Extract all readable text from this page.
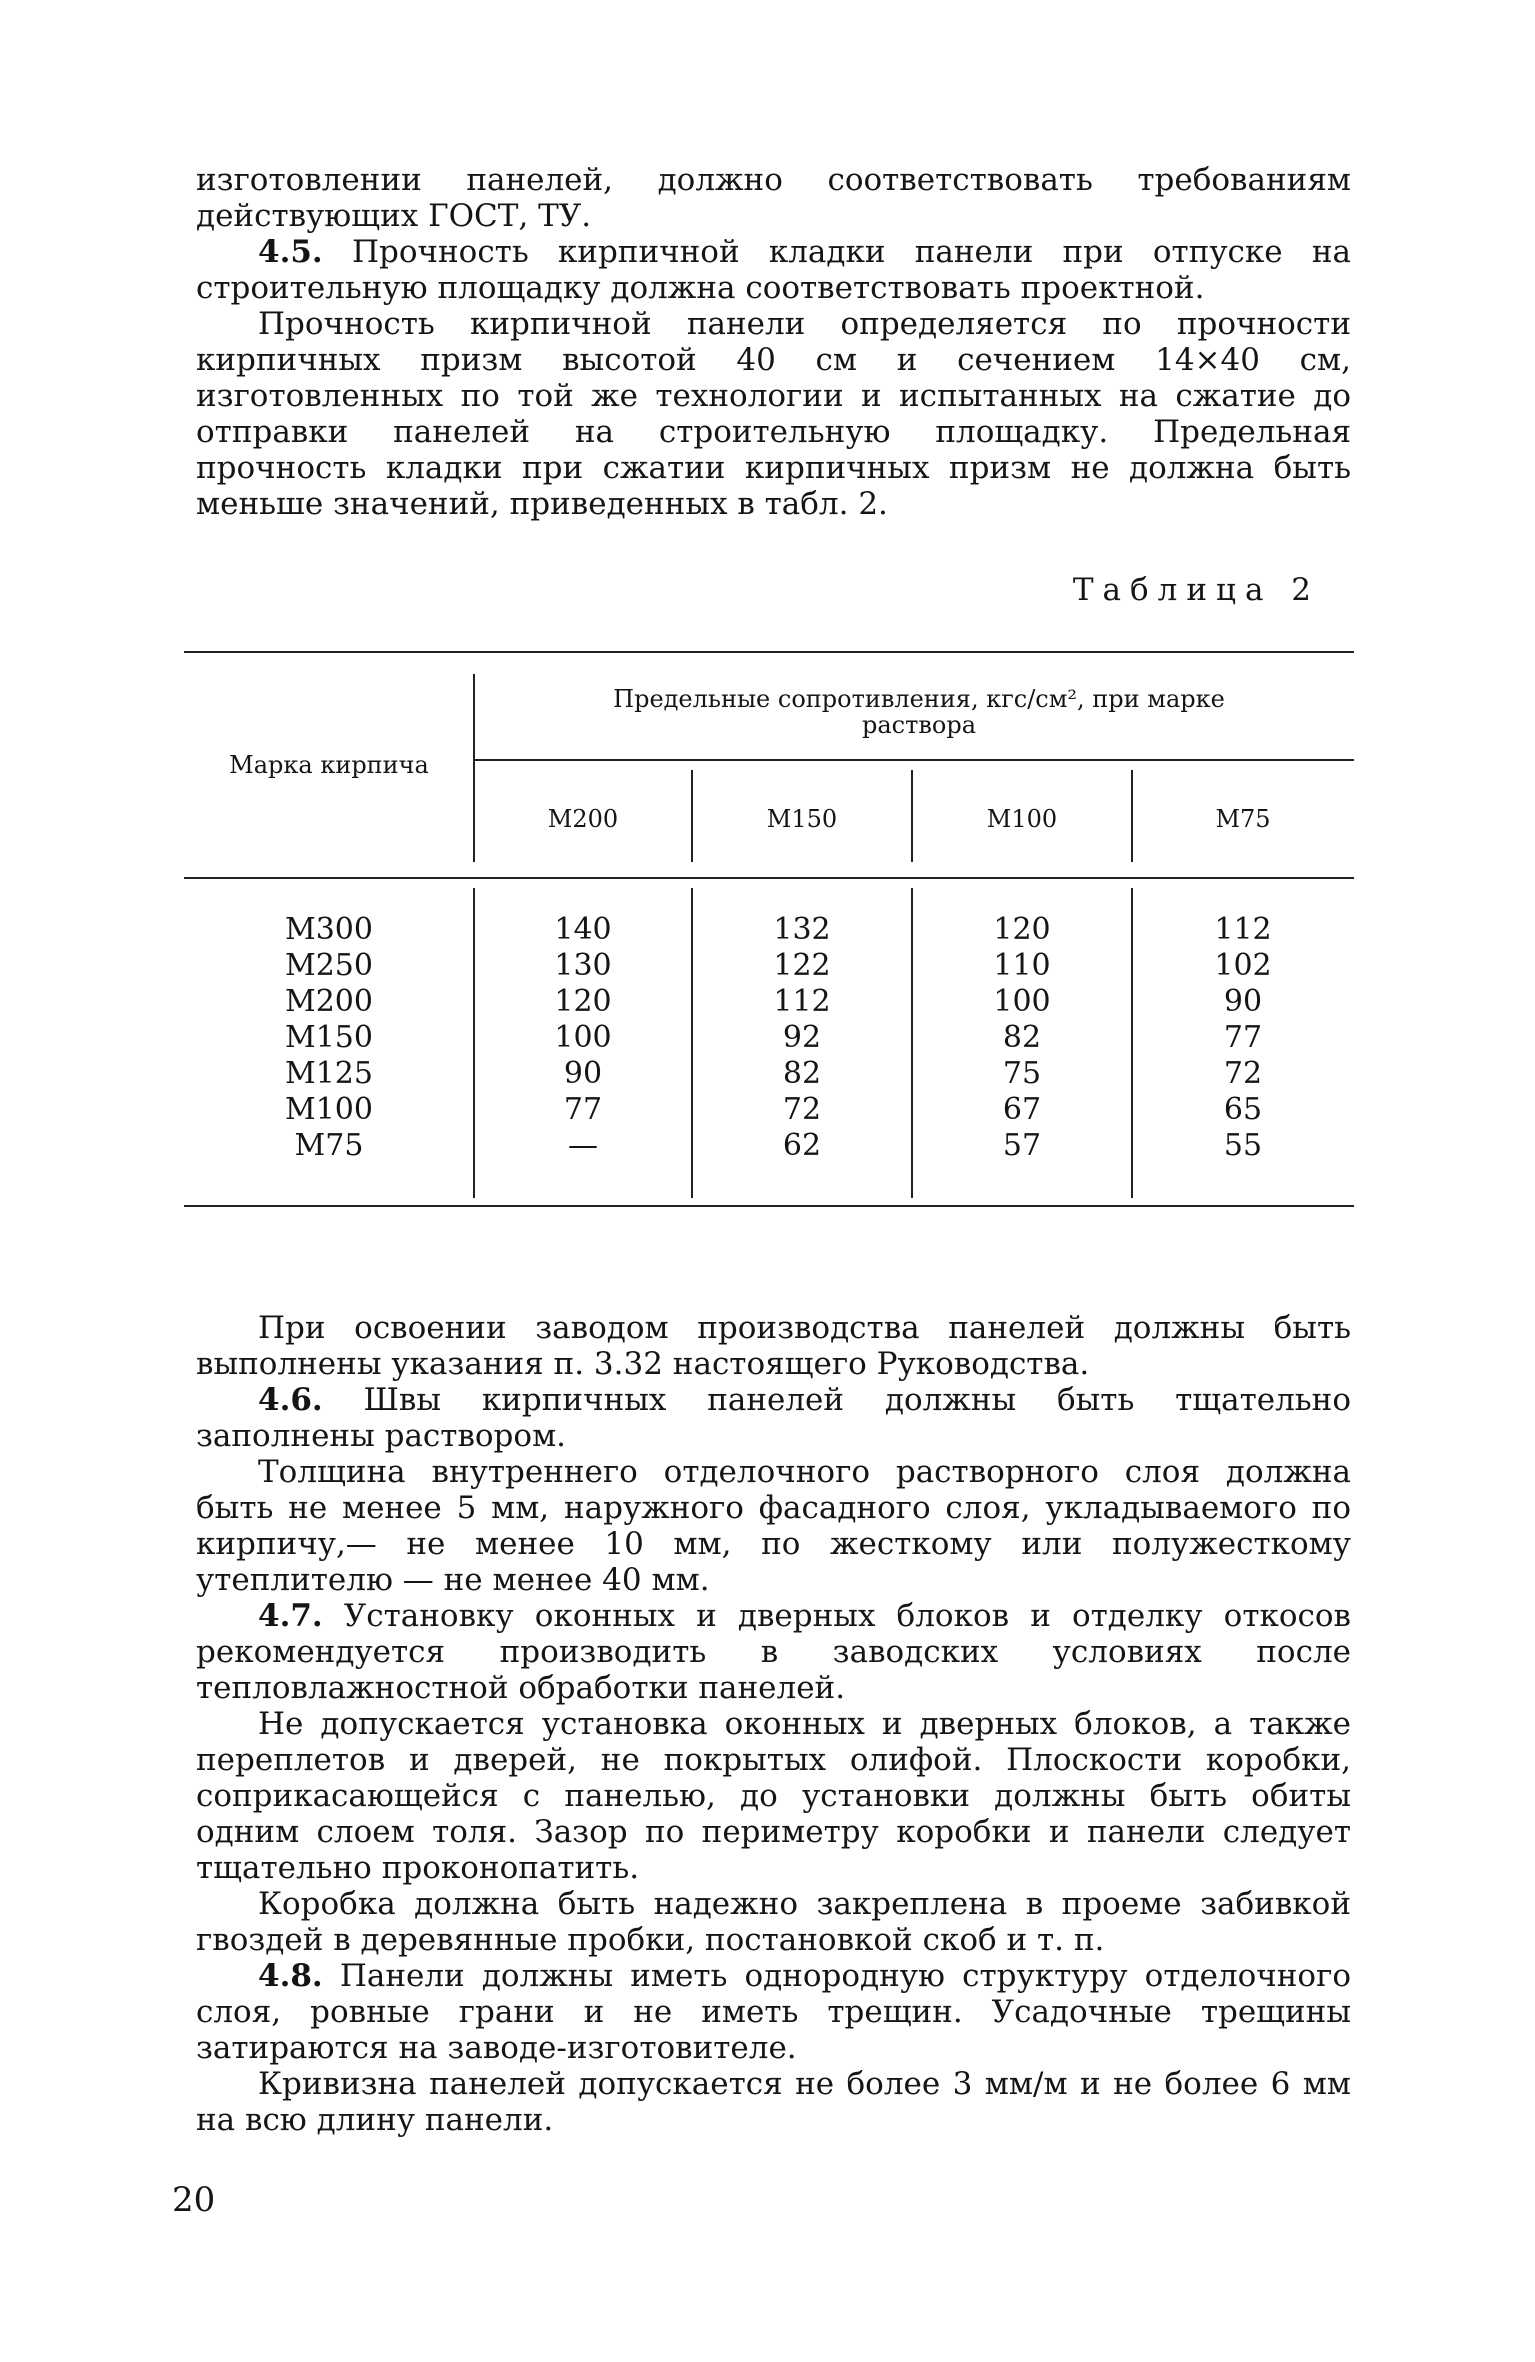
изготовлении панелей, должно соответствовать требованиям действующих ГОСТ, ТУ.

4.5. Прочность кирпичной кладки панели при отпуске на строительную площадку должна соответствовать проектной.

Прочность кирпичной панели определяется по прочности кирпичных призм высотой 40 см и сечением 14×40 см, изготовленных по той же технологии и испытанных на сжатие до отправки панелей на строительную площадку. Предельная прочность кладки при сжатии кирпичных призм не должна быть меньше значений, приведенных в табл. 2.

Таблица 2
Марка кирпича
Предельные сопротивления, кгс/см², при марке раствора
М200	М150	М100	М75
М300	140	132	120	112
М250	130	122	110	102
М200	120	112	100	90
М150	100	92	82	77
М125	90	82	75	72
М100	77	72	67	65
М75	—	62	57	55

При освоении заводом производства панелей должны быть выполнены указания п. 3.32 настоящего Руководства.

4.6. Швы кирпичных панелей должны быть тщательно заполнены раствором.

Толщина внутреннего отделочного растворного слоя должна быть не менее 5 мм, наружного фасадного слоя, укладываемого по кирпичу,— не менее 10 мм, по жесткому или полужесткому утеплителю — не менее 40 мм.

4.7. Установку оконных и дверных блоков и отделку откосов рекомендуется производить в заводских условиях после тепловлажностной обработки панелей.

Не допускается установка оконных и дверных блоков, а также переплетов и дверей, не покрытых олифой. Плоскости коробки, соприкасающейся с панелью, до установки должны быть обиты одним слоем толя. Зазор по периметру коробки и панели следует тщательно проконопатить.

Коробка должна быть надежно закреплена в проеме забивкой гвоздей в деревянные пробки, постановкой скоб и т. п.

4.8. Панели должны иметь однородную структуру отделочного слоя, ровные грани и не иметь трещин. Усадочные трещины затираются на заводе-изготовителе.

Кривизна панелей допускается не более 3 мм/м и не более 6 мм на всю длину панели.

20
